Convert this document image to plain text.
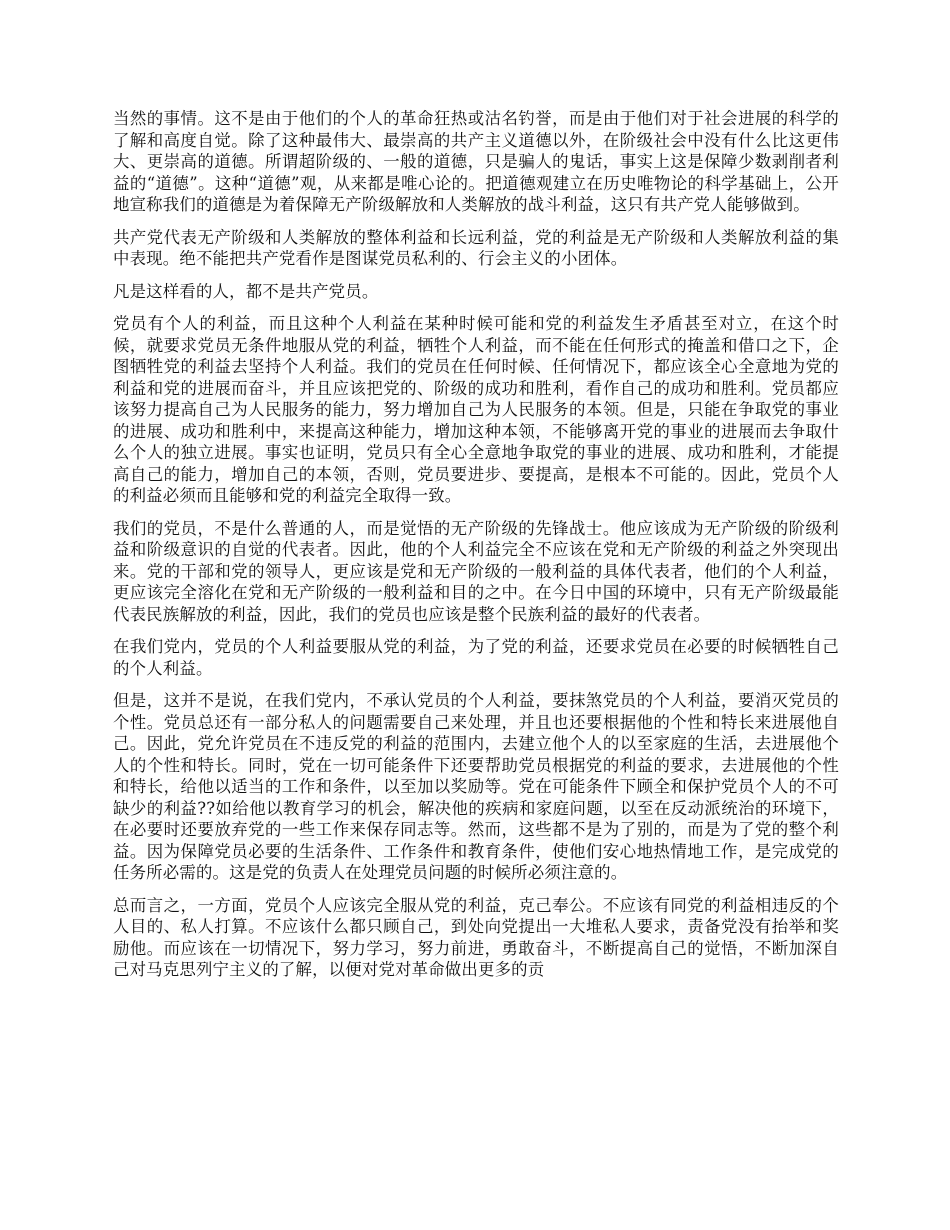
当然的事情。这不是由于他们的个人的革命狂热或沽名钓誉，而是由于他们对于社会进展的科学的了解和高度自觉。除了这种最伟大、最崇高的共产主义道德以外，在阶级社会中没有什么比这更伟大、更崇高的道德。所谓超阶级的、一般的道德，只是骗人的鬼话，事实上这是保障少数剥削者利益的“道德”。这种“道德”观，从来都是唯心论的。把道德观建立在历史唯物论的科学基础上，公开地宣称我们的道德是为着保障无产阶级解放和人类解放的战斗利益，这只有共产党人能够做到。

共产党代表无产阶级和人类解放的整体利益和长远利益，党的利益是无产阶级和人类解放利益的集中表现。绝不能把共产党看作是图谋党员私利的、行会主义的小团体。

凡是这样看的人，都不是共产党员。

党员有个人的利益，而且这种个人利益在某种时候可能和党的利益发生矛盾甚至对立，在这个时候，就要求党员无条件地服从党的利益，牺牲个人利益，而不能在任何形式的掩盖和借口之下，企图牺牲党的利益去坚持个人利益。我们的党员在任何时候、任何情况下，都应该全心全意地为党的利益和党的进展而奋斗，并且应该把党的、阶级的成功和胜利，看作自己的成功和胜利。党员都应该努力提高自己为人民服务的能力，努力增加自己为人民服务的本领。但是，只能在争取党的事业的进展、成功和胜利中，来提高这种能力，增加这种本领，不能够离开党的事业的进展而去争取什么个人的独立进展。事实也证明，党员只有全心全意地争取党的事业的进展、成功和胜利，才能提高自己的能力，增加自己的本领，否则，党员要进步、要提高，是根本不可能的。因此，党员个人的利益必须而且能够和党的利益完全取得一致。

我们的党员，不是什么普通的人，而是觉悟的无产阶级的先锋战士。他应该成为无产阶级的阶级利益和阶级意识的自觉的代表者。因此，他的个人利益完全不应该在党和无产阶级的利益之外突现出来。党的干部和党的领导人，更应该是党和无产阶级的一般利益的具体代表者，他们的个人利益，更应该完全溶化在党和无产阶级的一般利益和目的之中。在今日中国的环境中，只有无产阶级最能代表民族解放的利益，因此，我们的党员也应该是整个民族利益的最好的代表者。

在我们党内，党员的个人利益要服从党的利益，为了党的利益，还要求党员在必要的时候牺牲自己的个人利益。

但是，这并不是说，在我们党内，不承认党员的个人利益，要抹煞党员的个人利益，要消灭党员的个性。党员总还有一部分私人的问题需要自己来处理，并且也还要根据他的个性和特长来进展他自己。因此，党允许党员在不违反党的利益的范围内，去建立他个人的以至家庭的生活，去进展他个人的个性和特长。同时，党在一切可能条件下还要帮助党员根据党的利益的要求，去进展他的个性和特长，给他以适当的工作和条件，以至加以奖励等。党在可能条件下顾全和保护党员个人的不可缺少的利益??如给他以教育学习的机会，解决他的疾病和家庭问题，以至在反动派统治的环境下，在必要时还要放弃党的一些工作来保存同志等。然而，这些都不是为了别的，而是为了党的整个利益。因为保障党员必要的生活条件、工作条件和教育条件，使他们安心地热情地工作，是完成党的任务所必需的。这是党的负责人在处理党员问题的时候所必须注意的。

总而言之，一方面，党员个人应该完全服从党的利益，克己奉公。不应该有同党的利益相违反的个人目的、私人打算。不应该什么都只顾自己，到处向党提出一大堆私人要求，责备党没有抬举和奖励他。而应该在一切情况下，努力学习，努力前进，勇敢奋斗，不断提高自己的觉悟，不断加深自己对马克思列宁主义的了解，以便对党对革命做出更多的贡
